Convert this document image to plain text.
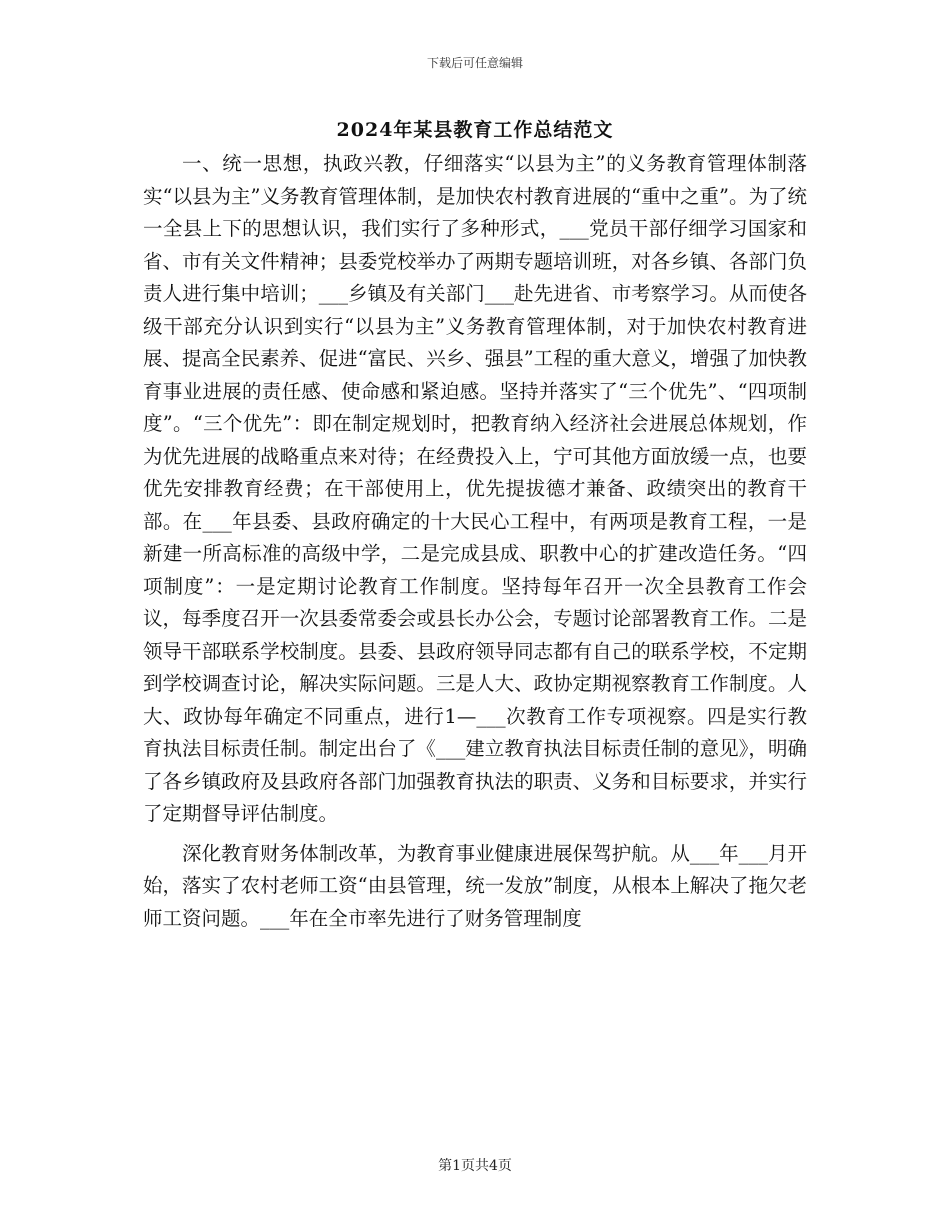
下载后可任意编辑
2024年某县教育工作总结范文

一、统一思想，执政兴教，仔细落实“以县为主”的义务教育管理体制落实“以县为主”义务教育管理体制，是加快农村教育进展的“重中之重”。为了统一全县上下的思想认识，我们实行了多种形式，___党员干部仔细学习国家和省、市有关文件精神；县委党校举办了两期专题培训班，对各乡镇、各部门负责人进行集中培训；___乡镇及有关部门___赴先进省、市考察学习。从而使各级干部充分认识到实行“以县为主”义务教育管理体制，对于加快农村教育进展、提高全民素养、促进“富民、兴乡、强县”工程的重大意义，增强了加快教育事业进展的责任感、使命感和紧迫感。坚持并落实了“三个优先”、“四项制度”。“三个优先”：即在制定规划时，把教育纳入经济社会进展总体规划，作为优先进展的战略重点来对待；在经费投入上，宁可其他方面放缓一点，也要优先安排教育经费；在干部使用上，优先提拔德才兼备、政绩突出的教育干部。在___年县委、县政府确定的十大民心工程中，有两项是教育工程，一是新建一所高标准的高级中学，二是完成县成、职教中心的扩建改造任务。“四项制度”：一是定期讨论教育工作制度。坚持每年召开一次全县教育工作会议，每季度召开一次县委常委会或县长办公会，专题讨论部署教育工作。二是领导干部联系学校制度。县委、县政府领导同志都有自己的联系学校，不定期到学校调查讨论，解决实际问题。三是人大、政协定期视察教育工作制度。人大、政协每年确定不同重点，进行1—___次教育工作专项视察。四是实行教育执法目标责任制。制定出台了《___建立教育执法目标责任制的意见》，明确了各乡镇政府及县政府各部门加强教育执法的职责、义务和目标要求，并实行了定期督导评估制度。

深化教育财务体制改革，为教育事业健康进展保驾护航。从___年___月开始，落实了农村老师工资“由县管理，统一发放”制度，从根本上解决了拖欠老师工资问题。___年在全市率先进行了财务管理制度

第1页共4页
